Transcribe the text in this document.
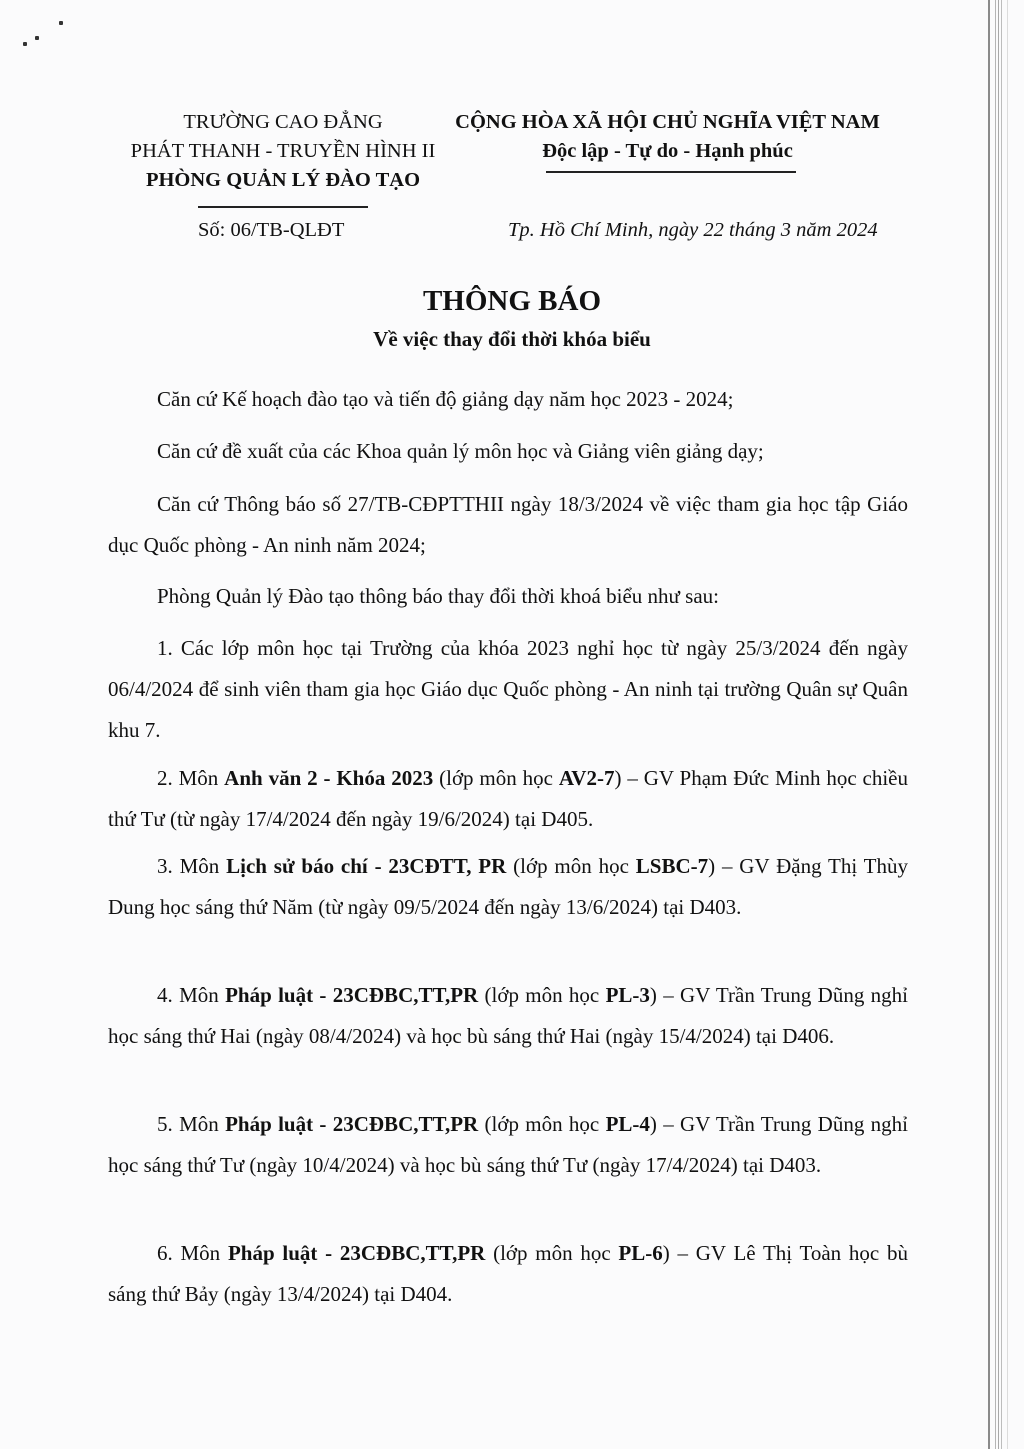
TRƯỜNG CAO ĐẲNG
PHÁT THANH - TRUYỀN HÌNH II
PHÒNG QUẢN LÝ ĐÀO TẠO
CỘNG HÒA XÃ HỘI CHỦ NGHĨA VIỆT NAM
Độc lập - Tự do - Hạnh phúc
Số: 06/TB-QLĐT	Tp. Hồ Chí Minh, ngày 22 tháng 3 năm 2024
THÔNG BÁO
Về việc thay đổi thời khóa biểu
Căn cứ Kế hoạch đào tạo và tiến độ giảng dạy năm học 2023 - 2024;
Căn cứ đề xuất của các Khoa quản lý môn học và Giảng viên giảng dạy;
Căn cứ Thông báo số 27/TB-CĐPTTHII ngày 18/3/2024 về việc tham gia học tập Giáo dục Quốc phòng - An ninh năm 2024;
Phòng Quản lý Đào tạo thông báo thay đổi thời khoá biểu như sau:
1. Các lớp môn học tại Trường của khóa 2023 nghỉ học từ ngày 25/3/2024 đến ngày 06/4/2024 để sinh viên tham gia học Giáo dục Quốc phòng - An ninh tại trường Quân sự Quân khu 7.
2. Môn Anh văn 2 - Khóa 2023 (lớp môn học AV2-7) – GV Phạm Đức Minh học chiều thứ Tư (từ ngày 17/4/2024 đến ngày 19/6/2024) tại D405.
3. Môn Lịch sử báo chí - 23CĐTT, PR (lớp môn học LSBC-7) – GV Đặng Thị Thùy Dung học sáng thứ Năm (từ ngày 09/5/2024 đến ngày 13/6/2024) tại D403.
4. Môn Pháp luật - 23CĐBC,TT,PR (lớp môn học PL-3) – GV Trần Trung Dũng nghỉ học sáng thứ Hai (ngày 08/4/2024) và học bù sáng thứ Hai (ngày 15/4/2024) tại D406.
5. Môn Pháp luật - 23CĐBC,TT,PR (lớp môn học PL-4) – GV Trần Trung Dũng nghỉ học sáng thứ Tư (ngày 10/4/2024) và học bù sáng thứ Tư (ngày 17/4/2024) tại D403.
6. Môn Pháp luật - 23CĐBC,TT,PR (lớp môn học PL-6) – GV Lê Thị Toàn học bù sáng thứ Bảy (ngày 13/4/2024) tại D404.
